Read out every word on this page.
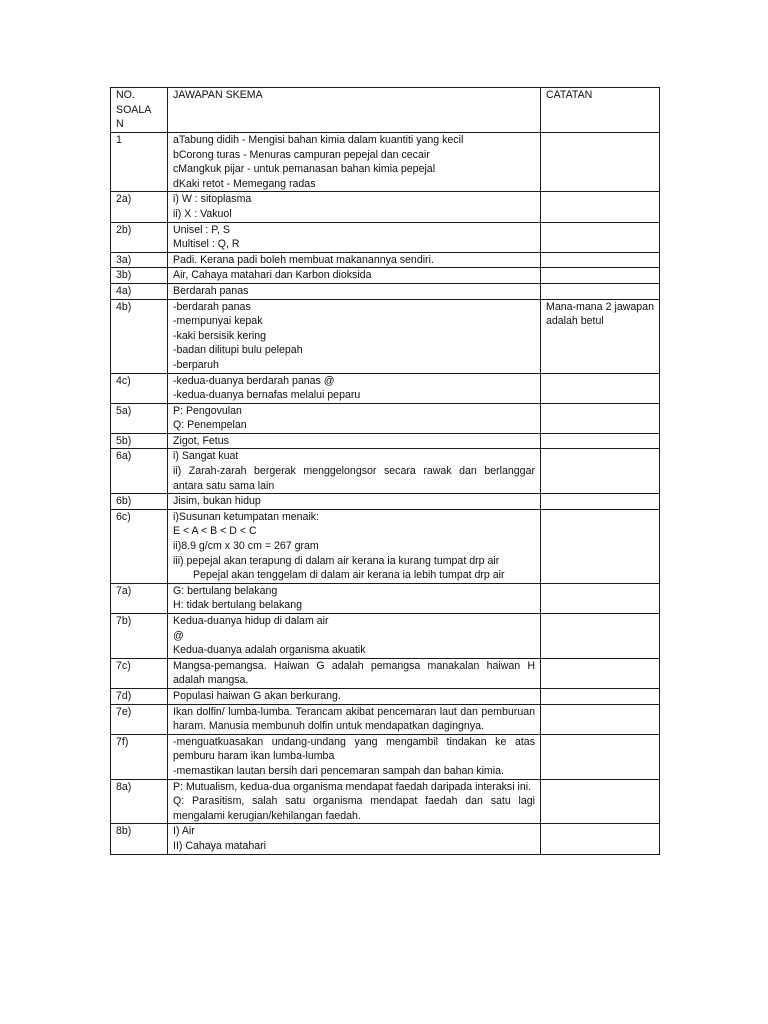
NO.
SOALA
N	JAWAPAN SKEMA	CATATAN

1	aTabung didih - Mengisi bahan kimia dalam kuantiti yang kecil
bCorong turas - Menuras campuran pepejal dan cecair
cMangkuk pijar - untuk pemanasan bahan kimia pepejal
dKaki retot - Memegang radas	

2a)	i) W : sitoplasma
ii) X : Vakuol	

2b)	Unisel : P, S
Multisel : Q, R	

3a)	Padi. Kerana padi boleh membuat makanannya sendiri.	

3b)	Air, Cahaya matahari dan Karbon dioksida	

4a)	Berdarah panas	

4b)	-berdarah panas
-mempunyai kepak
-kaki bersisik kering
-badan dilitupi bulu pelepah
-berparuh	Mana-mana 2 jawapan adalah betul

4c)	-kedua-duanya berdarah panas @
-kedua-duanya bernafas melalui peparu	

5a)	P: Pengovulan
Q: Penempelan	

5b)	Zigot, Fetus	

6a)	i) Sangat kuat
ii) Zarah-zarah bergerak menggelongsor secara rawak dan berlanggar antara satu sama lain	

6b)	Jisim, bukan hidup	

6c)	i)Susunan ketumpatan menaik:
E < A < B < D < C
ii)8.9 g/cm x 30 cm = 267 gram
iii) pepejal akan terapung di dalam air kerana ia kurang tumpat drp air
Pepejal akan tenggelam di dalam air kerana ia lebih tumpat drp air	

7a)	G: bertulang belakang
H: tidak bertulang belakang	

7b)	Kedua-duanya hidup di dalam air
@
Kedua-duanya adalah organisma akuatik	

7c)	Mangsa-pemangsa. Haiwan G adalah pemangsa manakalan haiwan H adalah mangsa.	

7d)	Populasi haiwan G akan berkurang.	

7e)	Ikan dolfin/ lumba-lumba. Terancam akibat pencemaran laut dan pemburuan haram. Manusia membunuh dolfin untuk mendapatkan dagingnya.	

7f)	-menguatkuasakan undang-undang yang mengambil tindakan ke atas pemburu haram ikan lumba-lumba
-memastikan lautan bersih dari pencemaran sampah dan bahan kimia.	

8a)	P: Mutualism, kedua-dua organisma mendapat faedah daripada interaksi ini.
Q: Parasitism, salah satu organisma mendapat faedah dan satu lagi mengalami kerugian/kehilangan faedah.	

8b)	I) Air
II) Cahaya matahari	
